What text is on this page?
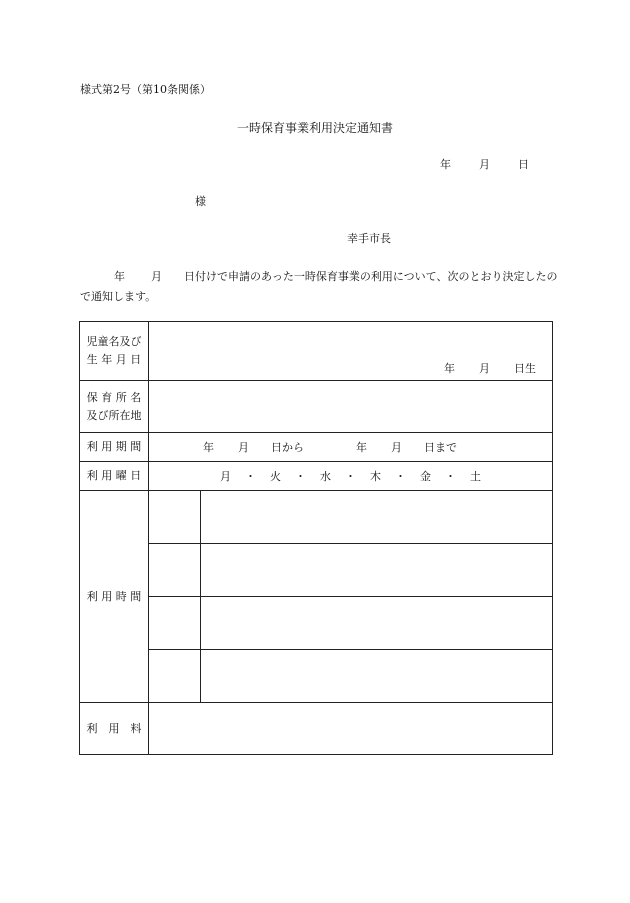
様式第2号（第10条関係）
一時保育事業利用決定通知書
年	月	日
様
幸手市長
年 月 日付けで申請のあった一時保育事業の利用について、次のとおり決定したので通知します。
児童名及び
生 年 月 日	年 月 日生	

保 育 所 名
及び所在地		

利 用 期 間	年 月 日から 年 月 日まで	
利 用 曜 日	月 ・ 火 ・ 水 ・ 木 ・ 金 ・ 土	
利 用 時 間		

利　用　料		
